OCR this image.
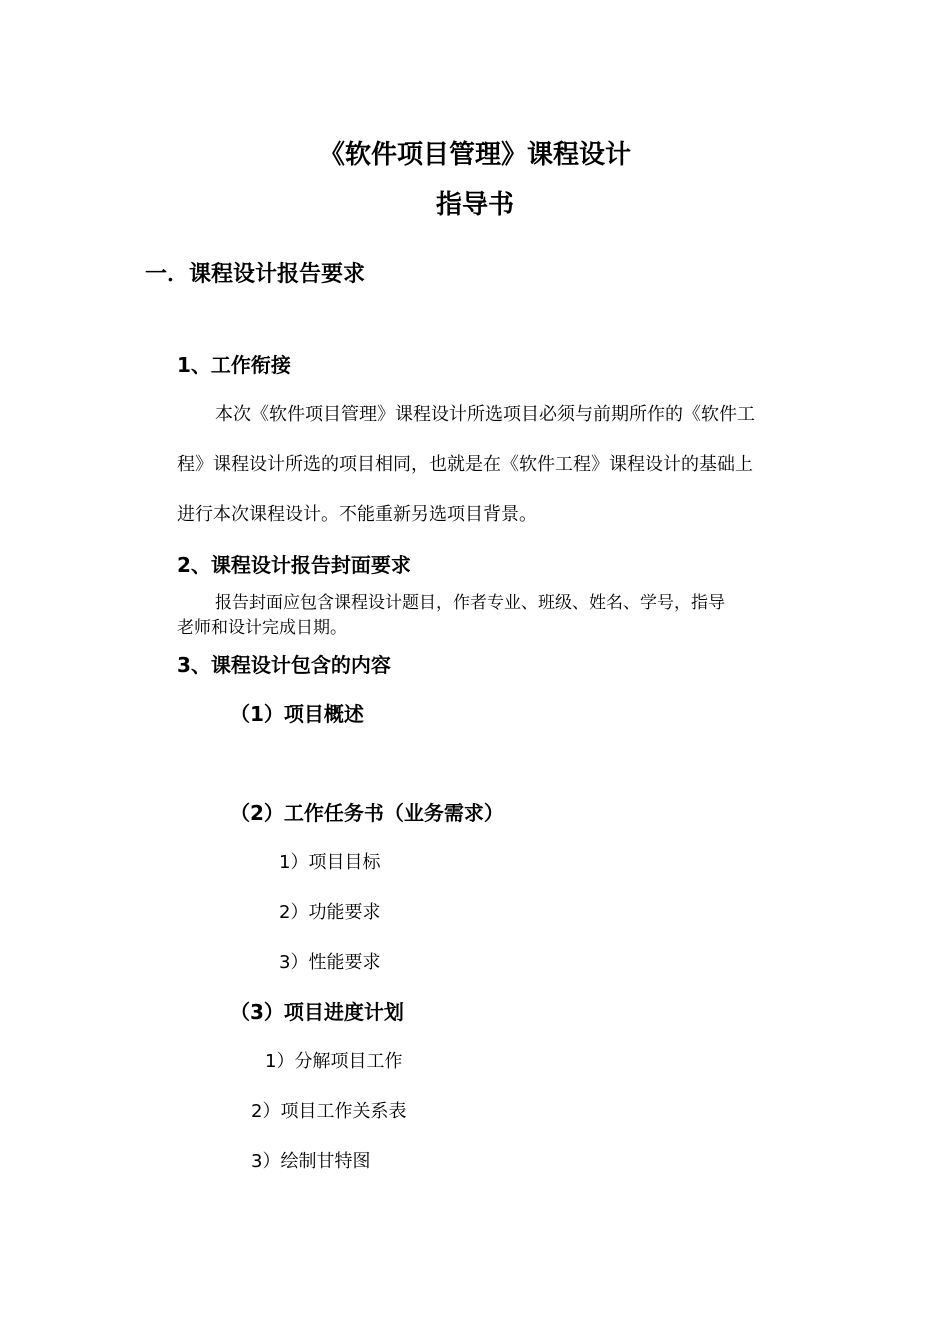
《软件项目管理》课程设计
指导书
一．课程设计报告要求
1、工作衔接
本次《软件项目管理》课程设计所选项目必须与前期所作的《软件工
程》课程设计所选的项目相同，也就是在《软件工程》课程设计的基础上
进行本次课程设计。不能重新另选项目背景。
2、课程设计报告封面要求
报告封面应包含课程设计题目，作者专业、班级、姓名、学号，指导
老师和设计完成日期。
3、课程设计包含的内容
（1）项目概述
（2）工作任务书（业务需求）
1）项目目标
2）功能要求
3）性能要求
（3）项目进度计划
1）分解项目工作
2）项目工作关系表
3）绘制甘特图
